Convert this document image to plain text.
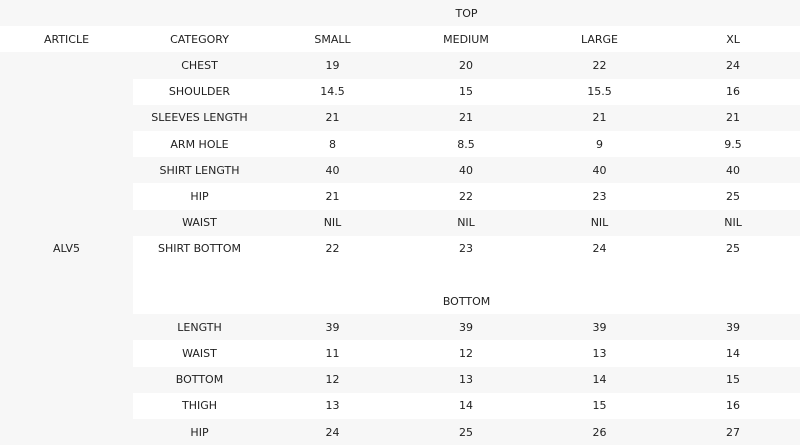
	TOP				
ARTICLE	CATEGORY	SMALL	MEDIUM	LARGE	XL
ALV5	CHEST	19	20	22	24
	SHOULDER	14.5	15	15.5	16
	SLEEVES LENGTH	21	21	21	21
	ARM HOLE	8	8.5	9	9.5
	SHIRT LENGTH	40	40	40	40
	HIP	21	22	23	25
	WAIST	NIL	NIL	NIL	NIL
	SHIRT BOTTOM	22	23	24	25

	BOTTOM				
	LENGTH	39	39	39	39
	WAIST	11	12	13	14
	BOTTOM	12	13	14	15
	THIGH	13	14	15	16
	HIP	24	25	26	27
